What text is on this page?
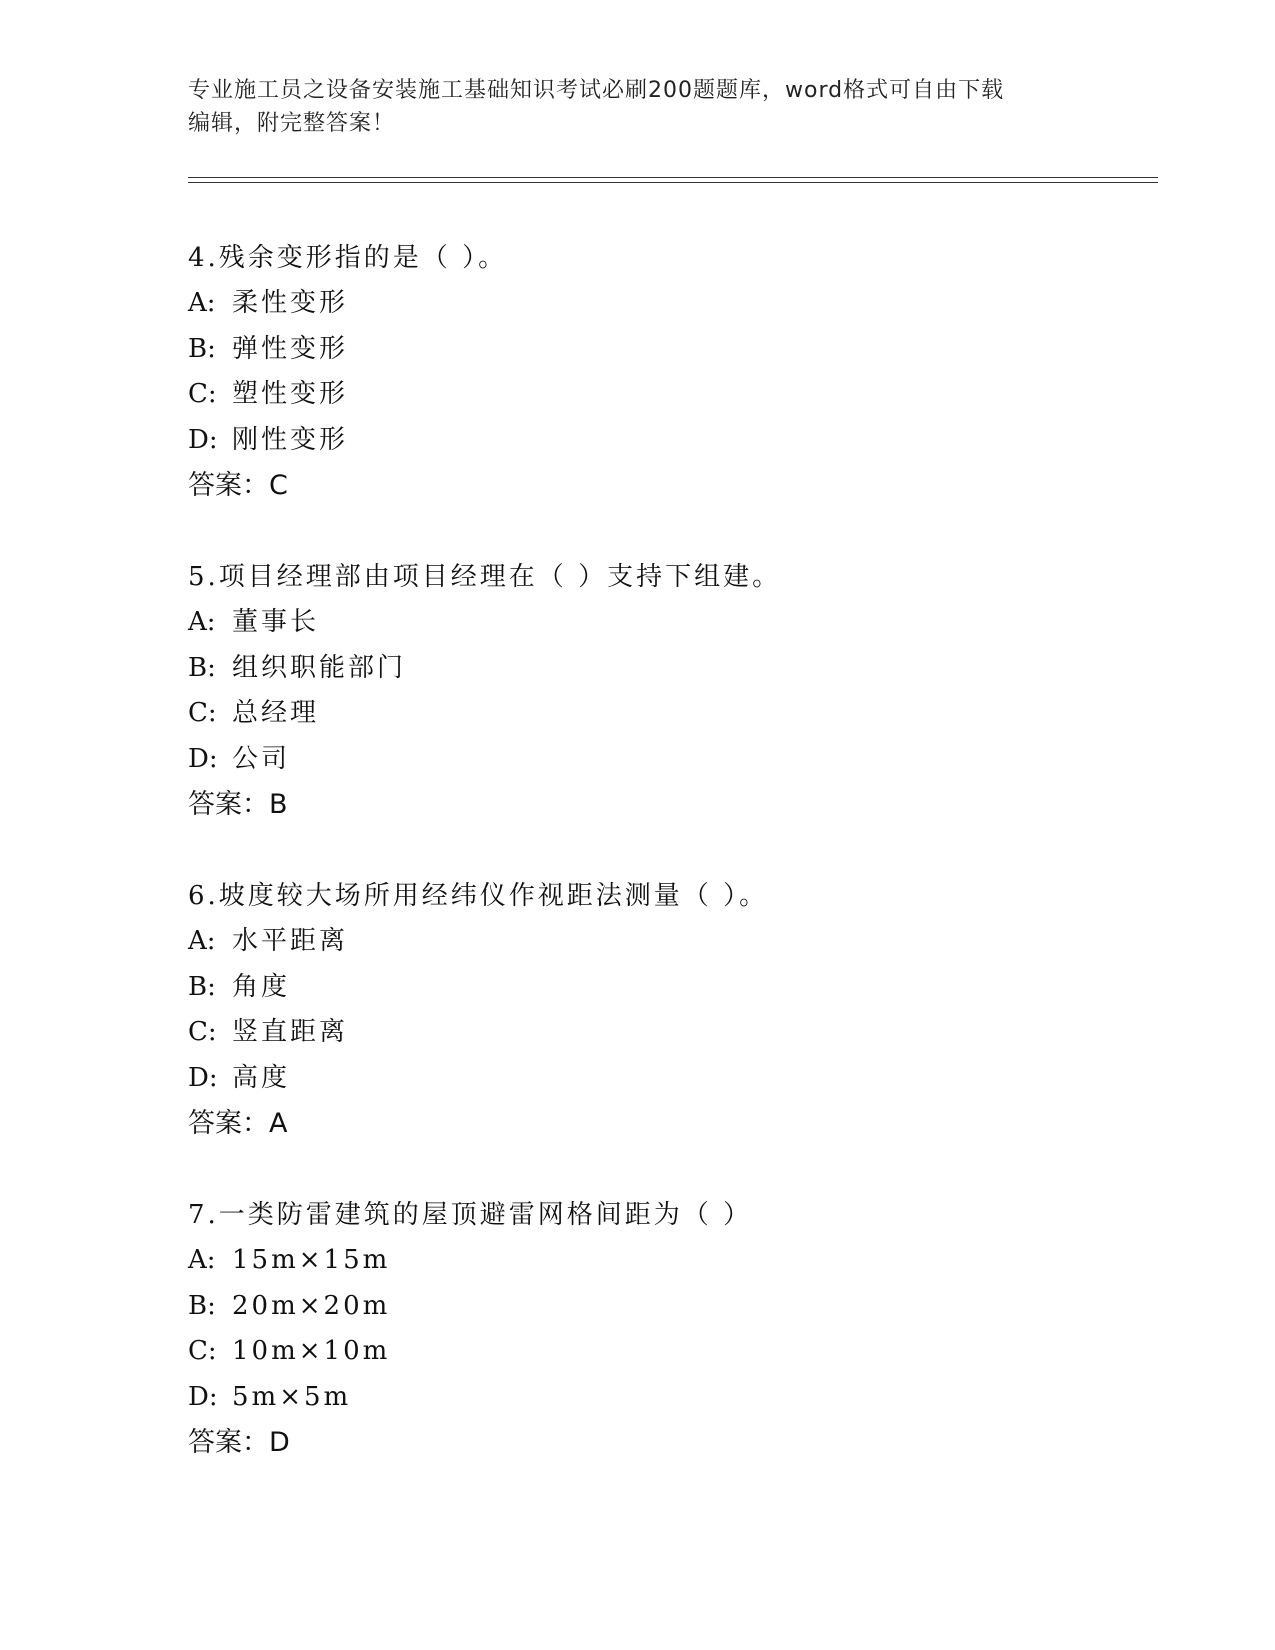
专业施工员之设备安装施工基础知识考试必刷200题题库，word格式可自由下载
编辑，附完整答案！
4.残余变形指的是（ ）。
A: 柔性变形
B: 弹性变形
C: 塑性变形
D: 刚性变形
答案：C
5.项目经理部由项目经理在（ ）支持下组建。
A: 董事长
B: 组织职能部门
C: 总经理
D: 公司
答案：B
6.坡度较大场所用经纬仪作视距法测量（ ）。
A: 水平距离
B: 角度
C: 竖直距离
D: 高度
答案：A
7.一类防雷建筑的屋顶避雷网格间距为（ ）
A: 15m×15m
B: 20m×20m
C: 10m×10m
D: 5m×5m
答案：D
